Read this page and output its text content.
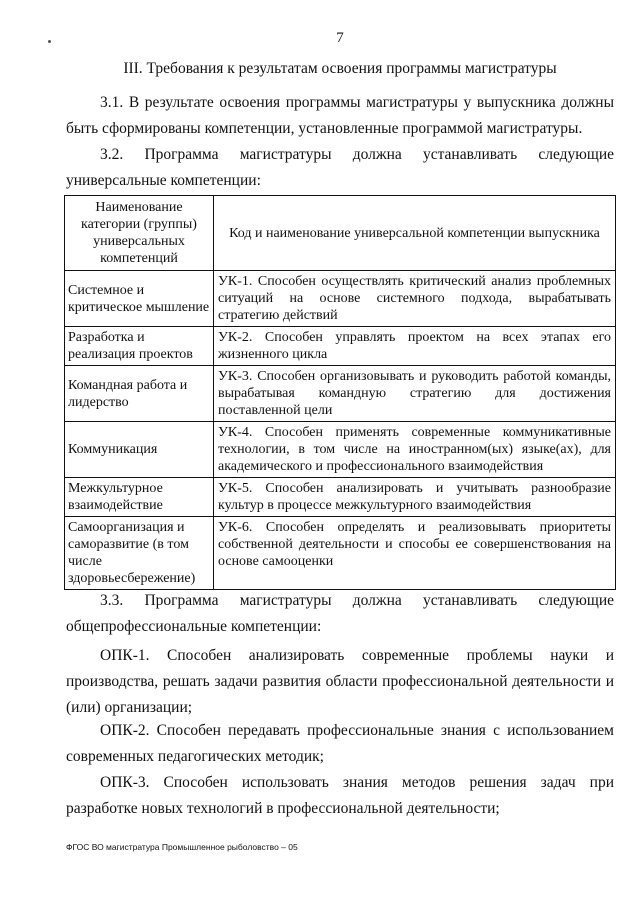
7
III. Требования к результатам освоения программы магистратуры

3.1. В результате освоения программы магистратуры у выпускника должны быть сформированы компетенции, установленные программой магистратуры.

3.2. Программа магистратуры должна устанавливать следующие универсальные компетенции:

Наименование категории (группы) универсальных компетенций	Код и наименование универсальной компетенции выпускника
Системное и критическое мышление	УК-1. Способен осуществлять критический анализ проблемных ситуаций на основе системного подхода, вырабатывать стратегию действий
Разработка и реализация проектов	УК-2. Способен управлять проектом на всех этапах его жизненного цикла
Командная работа и лидерство	УК-3. Способен организовывать и руководить работой команды, вырабатывая командную стратегию для достижения поставленной цели
Коммуникация	УК-4. Способен применять современные коммуникативные технологии, в том числе на иностранном(ых) языке(ах), для академического и профессионального взаимодействия
Межкультурное взаимодействие	УК-5. Способен анализировать и учитывать разнообразие культур в процессе межкультурного взаимодействия
Самоорганизация и саморазвитие (в том числе здоровьесбережение)	УК-6. Способен определять и реализовывать приоритеты собственной деятельности и способы ее совершенствования на основе самооценки

3.3. Программа магистратуры должна устанавливать следующие общепрофессиональные компетенции:

ОПК-1. Способен анализировать современные проблемы науки и производства, решать задачи развития области профессиональной деятельности и (или) организации;

ОПК-2. Способен передавать профессиональные знания с использованием современных педагогических методик;

ОПК-3. Способен использовать знания методов решения задач при разработке новых технологий в профессиональной деятельности;

ФГОС ВО магистратура Промышленное рыболовство – 05
